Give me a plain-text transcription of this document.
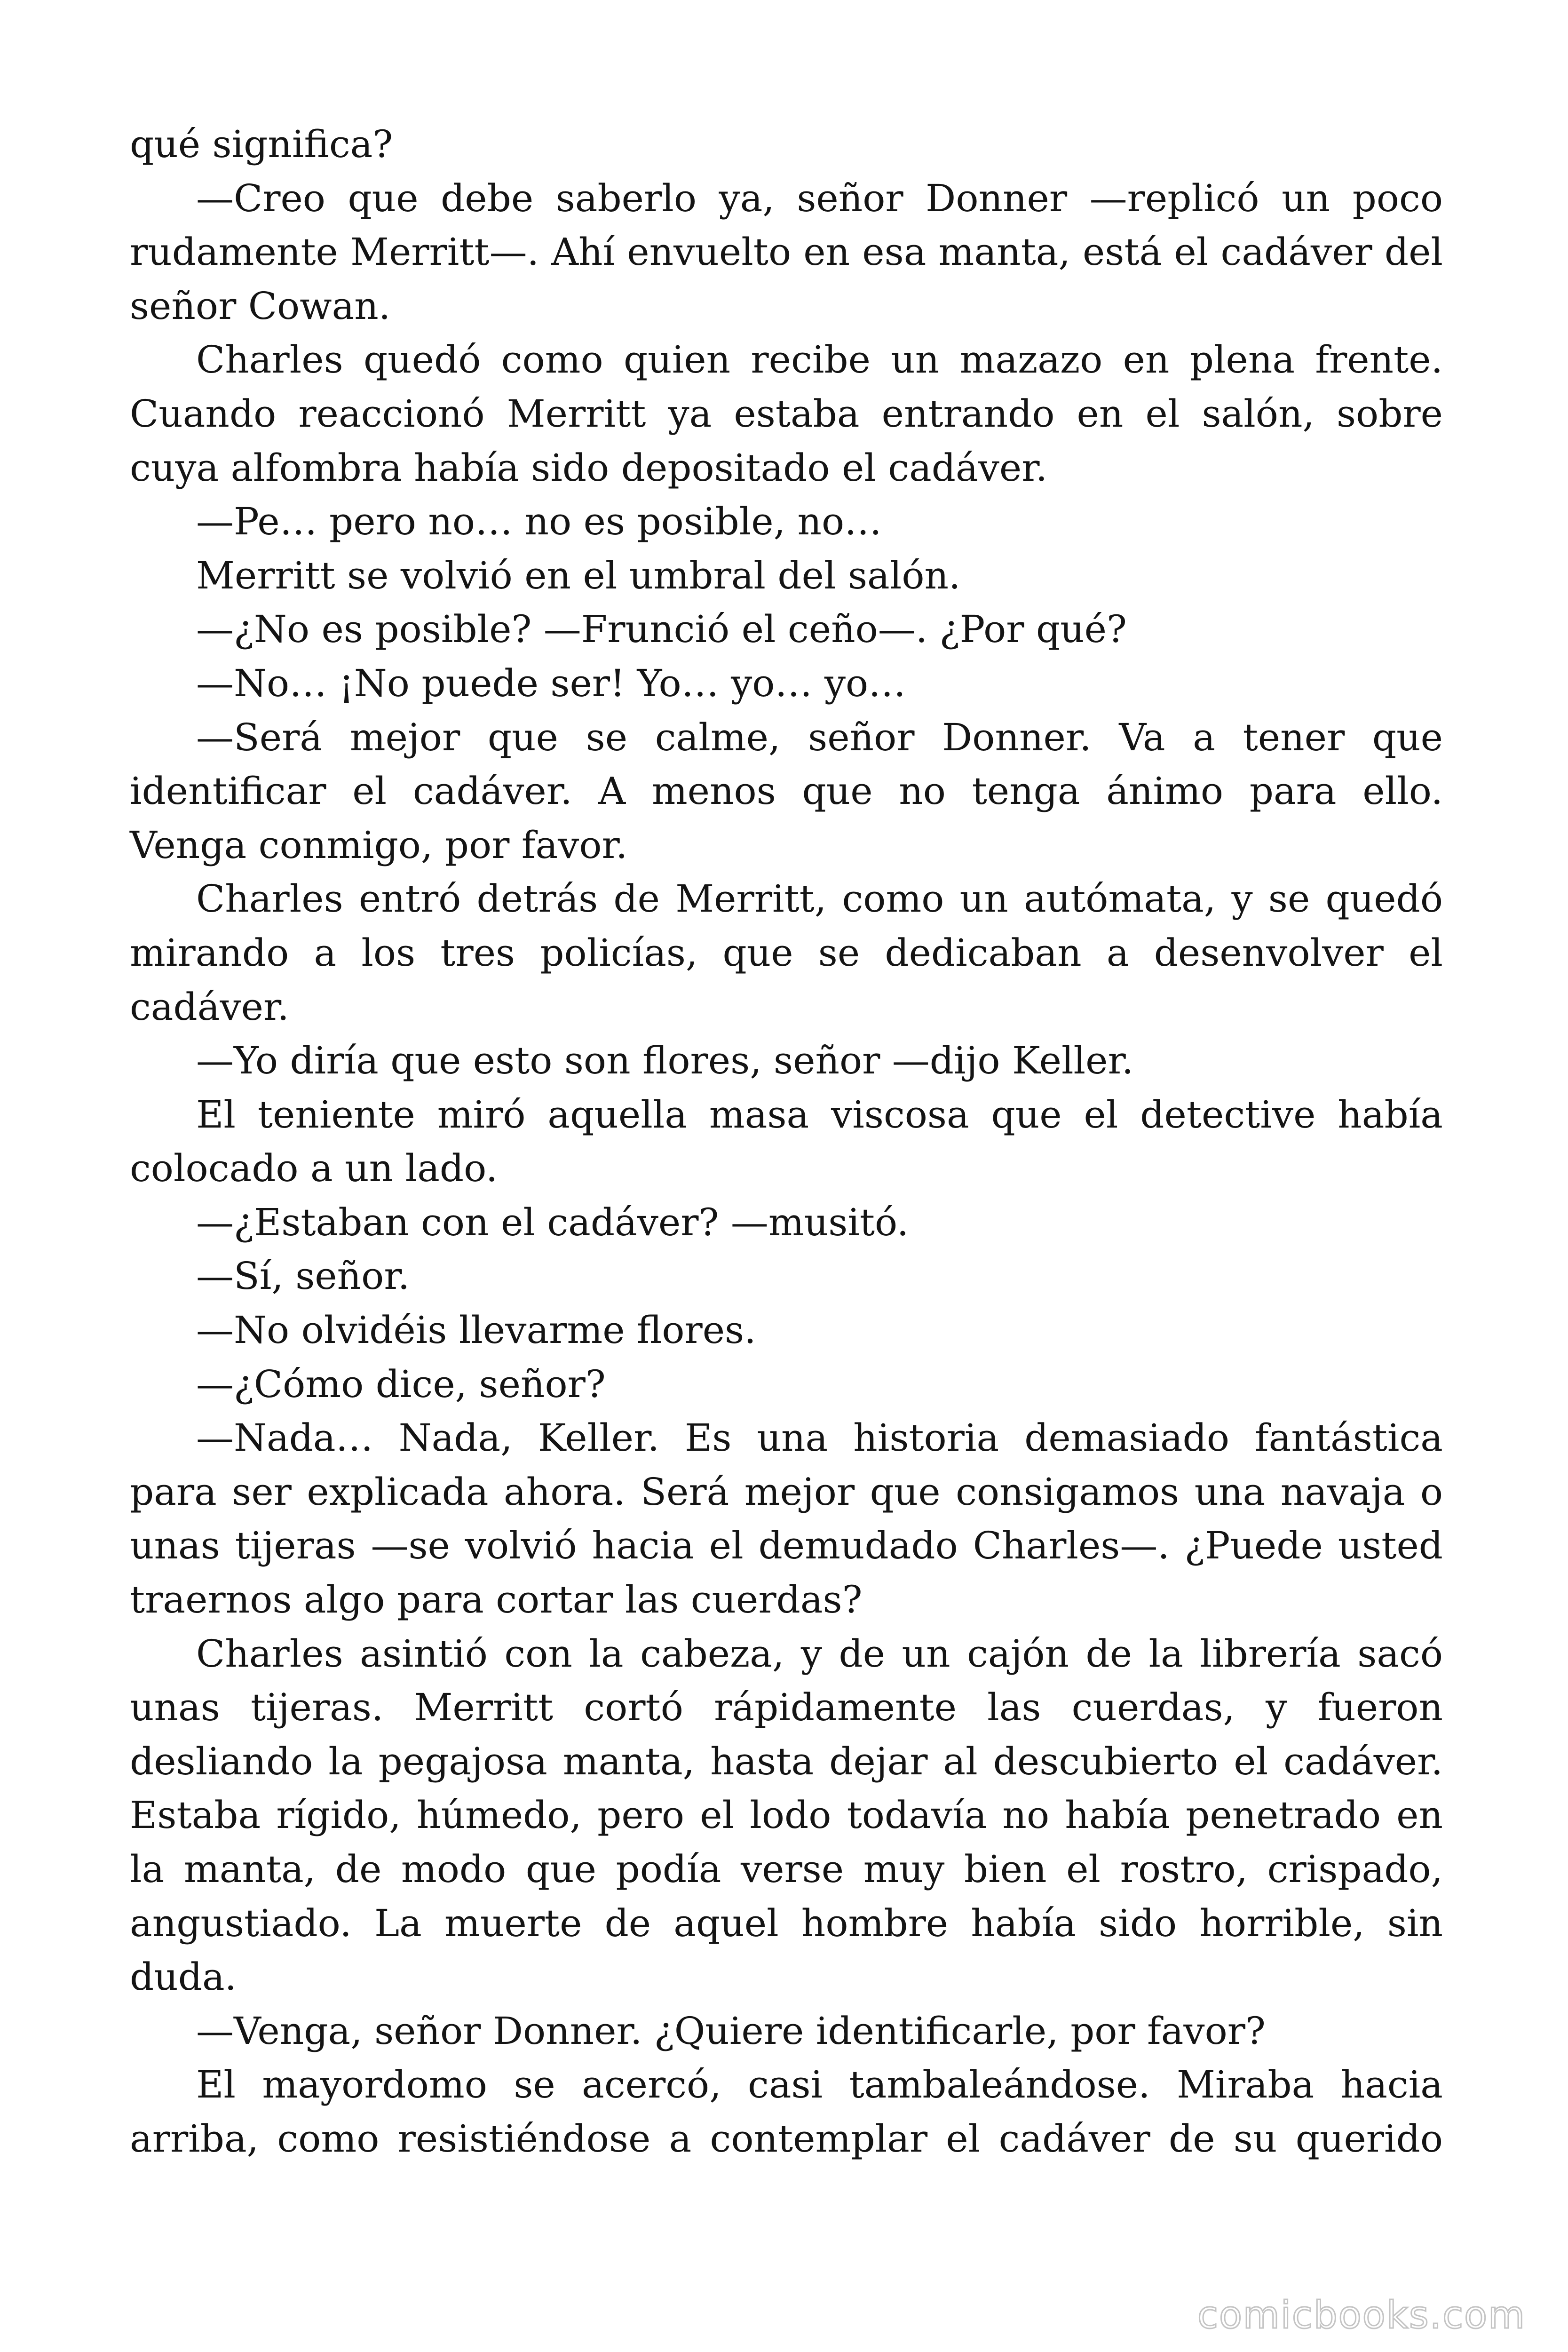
qué significa?
—Creo que debe saberlo ya, señor Donner —replicó un poco
rudamente Merritt—. Ahí envuelto en esa manta, está el cadáver del
señor Cowan.
Charles quedó como quien recibe un mazazo en plena frente.
Cuando reaccionó Merritt ya estaba entrando en el salón, sobre
cuya alfombra había sido depositado el cadáver.
—Pe… pero no… no es posible, no…
Merritt se volvió en el umbral del salón.
—¿No es posible? —Frunció el ceño—. ¿Por qué?
—No… ¡No puede ser! Yo… yo… yo…
—Será mejor que se calme, señor Donner. Va a tener que
identificar el cadáver. A menos que no tenga ánimo para ello.
Venga conmigo, por favor.
Charles entró detrás de Merritt, como un autómata, y se quedó
mirando a los tres policías, que se dedicaban a desenvolver el
cadáver.
—Yo diría que esto son flores, señor —dijo Keller.
El teniente miró aquella masa viscosa que el detective había
colocado a un lado.
—¿Estaban con el cadáver? —musitó.
—Sí, señor.
—No olvidéis llevarme flores.
—¿Cómo dice, señor?
—Nada… Nada, Keller. Es una historia demasiado fantástica
para ser explicada ahora. Será mejor que consigamos una navaja o
unas tijeras —se volvió hacia el demudado Charles—. ¿Puede usted
traernos algo para cortar las cuerdas?
Charles asintió con la cabeza, y de un cajón de la librería sacó
unas tijeras. Merritt cortó rápidamente las cuerdas, y fueron
desliando la pegajosa manta, hasta dejar al descubierto el cadáver.
Estaba rígido, húmedo, pero el lodo todavía no había penetrado en
la manta, de modo que podía verse muy bien el rostro, crispado,
angustiado. La muerte de aquel hombre había sido horrible, sin
duda.
—Venga, señor Donner. ¿Quiere identificarle, por favor?
El mayordomo se acercó, casi tambaleándose. Miraba hacia
arriba, como resistiéndose a contemplar el cadáver de su querido
comicbooks.com
